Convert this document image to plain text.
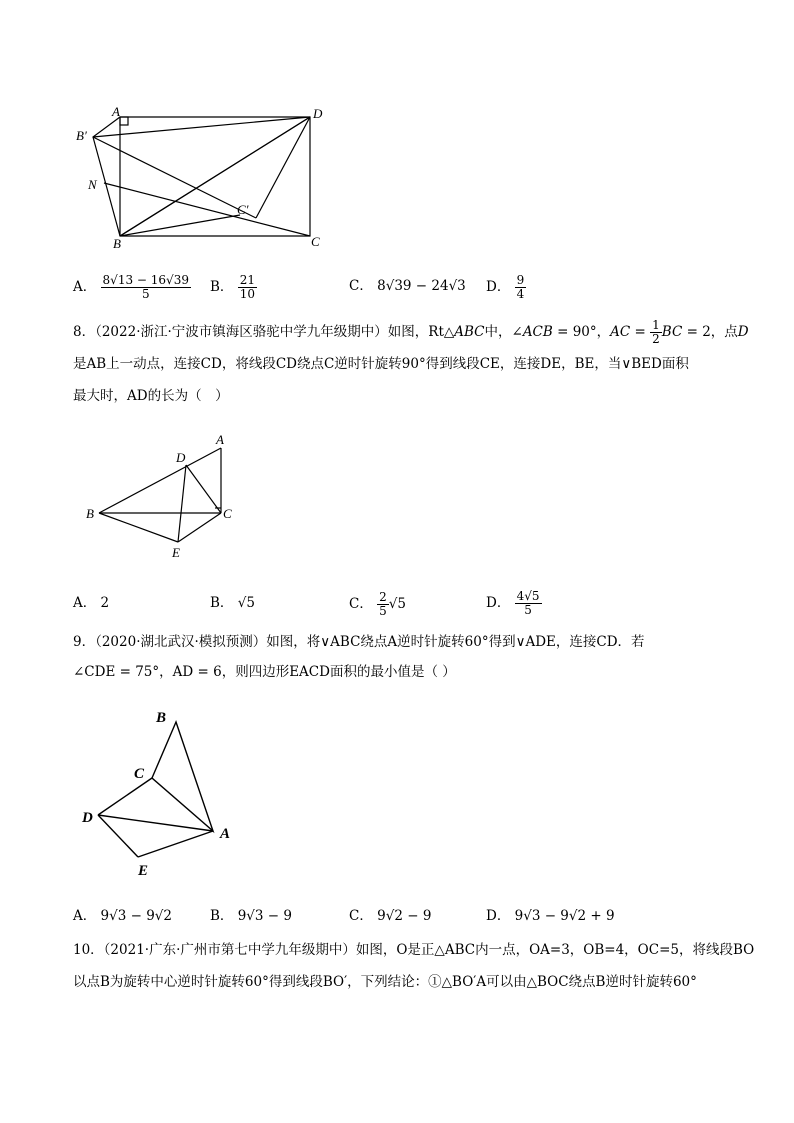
A
B′
D
N
C′
B	C
A． $\frac{8√13 - 16√39}{5}$ B． $\frac{21}{10}$	C． 8√39 − 24√3 D． $\frac{9}{4}$
8．（2022·浙江·宁波市镇海区骆驼中学九年级期中）如图，Rt△ABC中，∠ACB = 90°，AC = $\frac{1}{2}$ BC = 2，点D
是AB上一动点，连接CD，将线段CD绕点C逆时针旋转90°得到线段CE，连接DE，BE，当∨BED面积
最大时，AD的长为（　）
A
D
B	C
E
A． 2	B． √5	C． $\frac{2}{5} √5$	D． $\frac{4√5}{5}$
9．（2020·湖北武汉·模拟预测）如图，将∨ABC绕点A逆时针旋转60°得到∨ADE，连接CD．若
∠CDE = 75°，AD = 6，则四边形EACD面积的最小值是（ ）
B
C
D
A
E
A． 9√3 − 9√2	B． 9√3 − 9	C． 9√2 − 9	D． 9√3 − 9√2 + 9
10．（2021·广东·广州市第七中学九年级期中）如图，O是正△ABC内一点，OA=3，OB=4，OC=5，将线段BO
以点B为旋转中心逆时针旋转60°得到线段BO′，下列结论：①△BO′A可以由△BOC绕点B逆时针旋转60°
